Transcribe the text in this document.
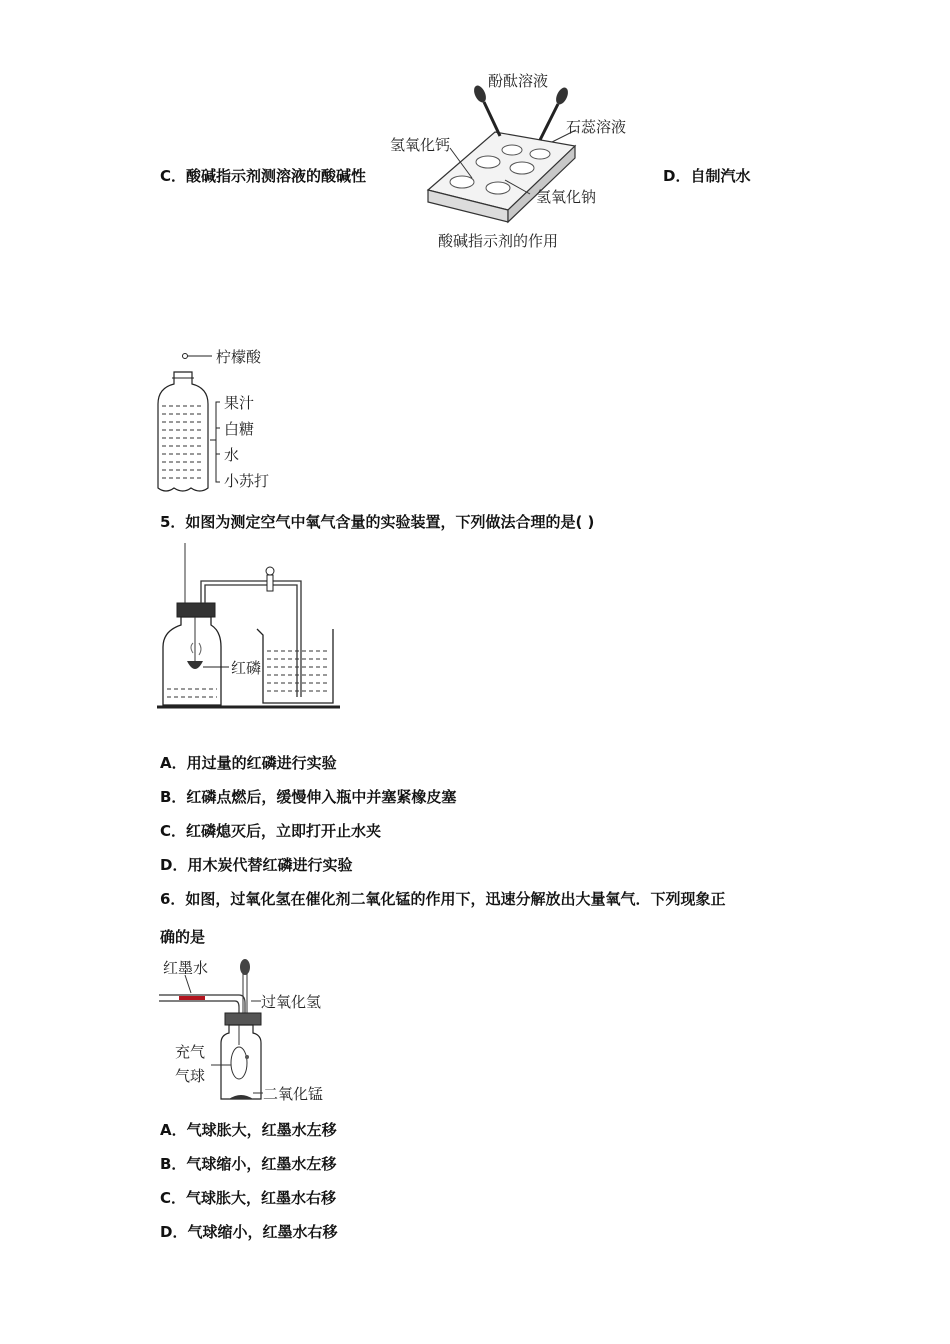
C．酸碱指示剂测溶液的酸碱性	D．自制汽水
酚酞溶液
石蕊溶液
氢氧化钙
氢氧化钠
酸碱指示剂的作用
柠檬酸
果汁
白糖
水
小苏打
5．如图为测定空气中氧气含量的实验装置，下列做法合理的是( )
红磷
A．用过量的红磷进行实验
B．红磷点燃后，缓慢伸入瓶中并塞紧橡皮塞
C．红磷熄灭后，立即打开止水夹
D．用木炭代替红磷进行实验
6．如图，过氧化氢在催化剂二氧化锰的作用下，迅速分解放出大量氧气．下列现象正
确的是
红墨水
过氧化氢
充气
气球
二氧化锰
A．气球胀大，红墨水左移
B．气球缩小，红墨水左移
C．气球胀大，红墨水右移
D．气球缩小，红墨水右移
